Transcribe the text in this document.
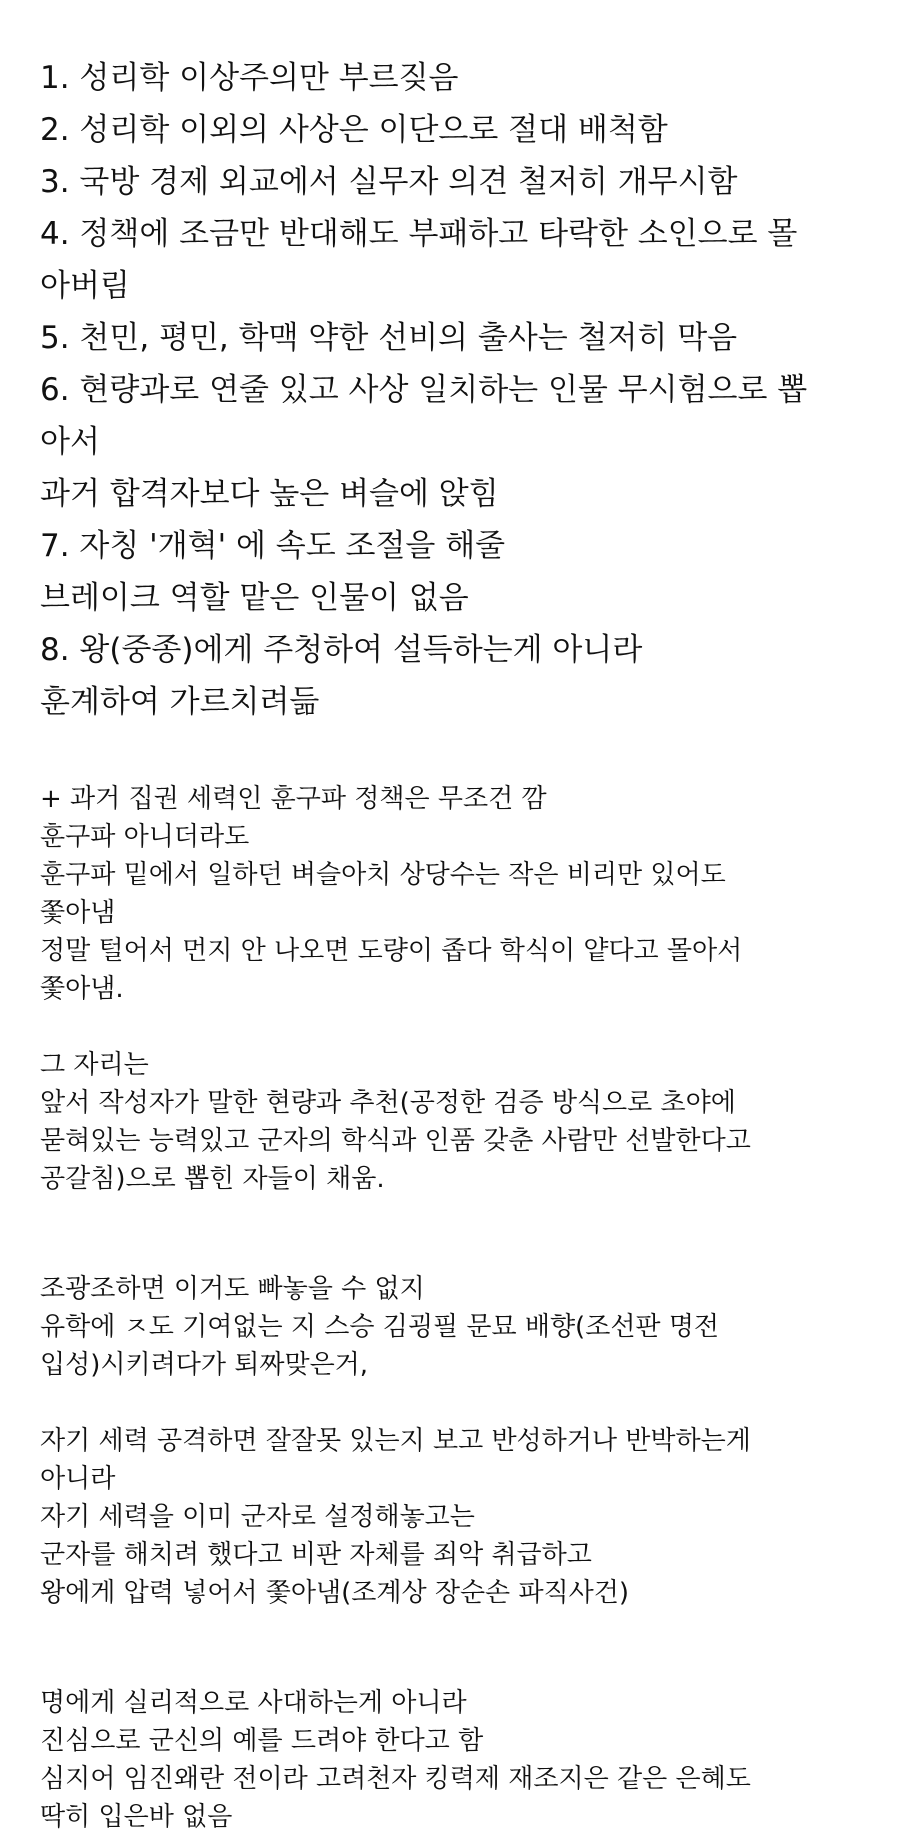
1. 성리학 이상주의만 부르짖음

2. 성리학 이외의 사상은 이단으로 절대 배척함

3. 국방 경제 외교에서 실무자 의견 철저히 개무시함

4. 정책에 조금만 반대해도 부패하고 타락한 소인으로 몰

아버림

5. 천민, 평민, 학맥 약한 선비의 출사는 철저히 막음

6. 현량과로 연줄 있고 사상 일치하는 인물 무시험으로 뽑

아서

과거 합격자보다 높은 벼슬에 앉힘

7. 자칭 '개혁' 에 속도 조절을 해줄

브레이크 역할 맡은 인물이 없음

8. 왕(중종)에게 주청하여 설득하는게 아니라

훈계하여 가르치려듦

+ 과거 집권 세력인 훈구파 정책은 무조건 깜

훈구파 아니더라도

훈구파 밑에서 일하던 벼슬아치 상당수는 작은 비리만 있어도

쫓아냄

정말 털어서 먼지 안 나오면 도량이 좁다 학식이 얕다고 몰아서

쫓아냄.

그 자리는

앞서 작성자가 말한 현량과 추천(공정한 검증 방식으로 초야에

묻혀있는 능력있고 군자의 학식과 인품 갖춘 사람만 선발한다고

공갈침)으로 뽑힌 자들이 채움.

조광조하면 이거도 빠놓을 수 없지

유학에 ㅈ도 기여없는 지 스승 김굉필 문묘 배향(조선판 명전

입성)시키려다가 퇴짜맞은거,

자기 세력 공격하면 잘잘못 있는지 보고 반성하거나 반박하는게

아니라

자기 세력을 이미 군자로 설정해놓고는

군자를 해치려 했다고 비판 자체를 죄악 취급하고

왕에게 압력 넣어서 쫓아냄(조계상 장순손 파직사건)

명에게 실리적으로 사대하는게 아니라

진심으로 군신의 예를 드려야 한다고 함

심지어 임진왜란 전이라 고려천자 킹력제 재조지은 같은 은혜도

딱히 입은바 없음
